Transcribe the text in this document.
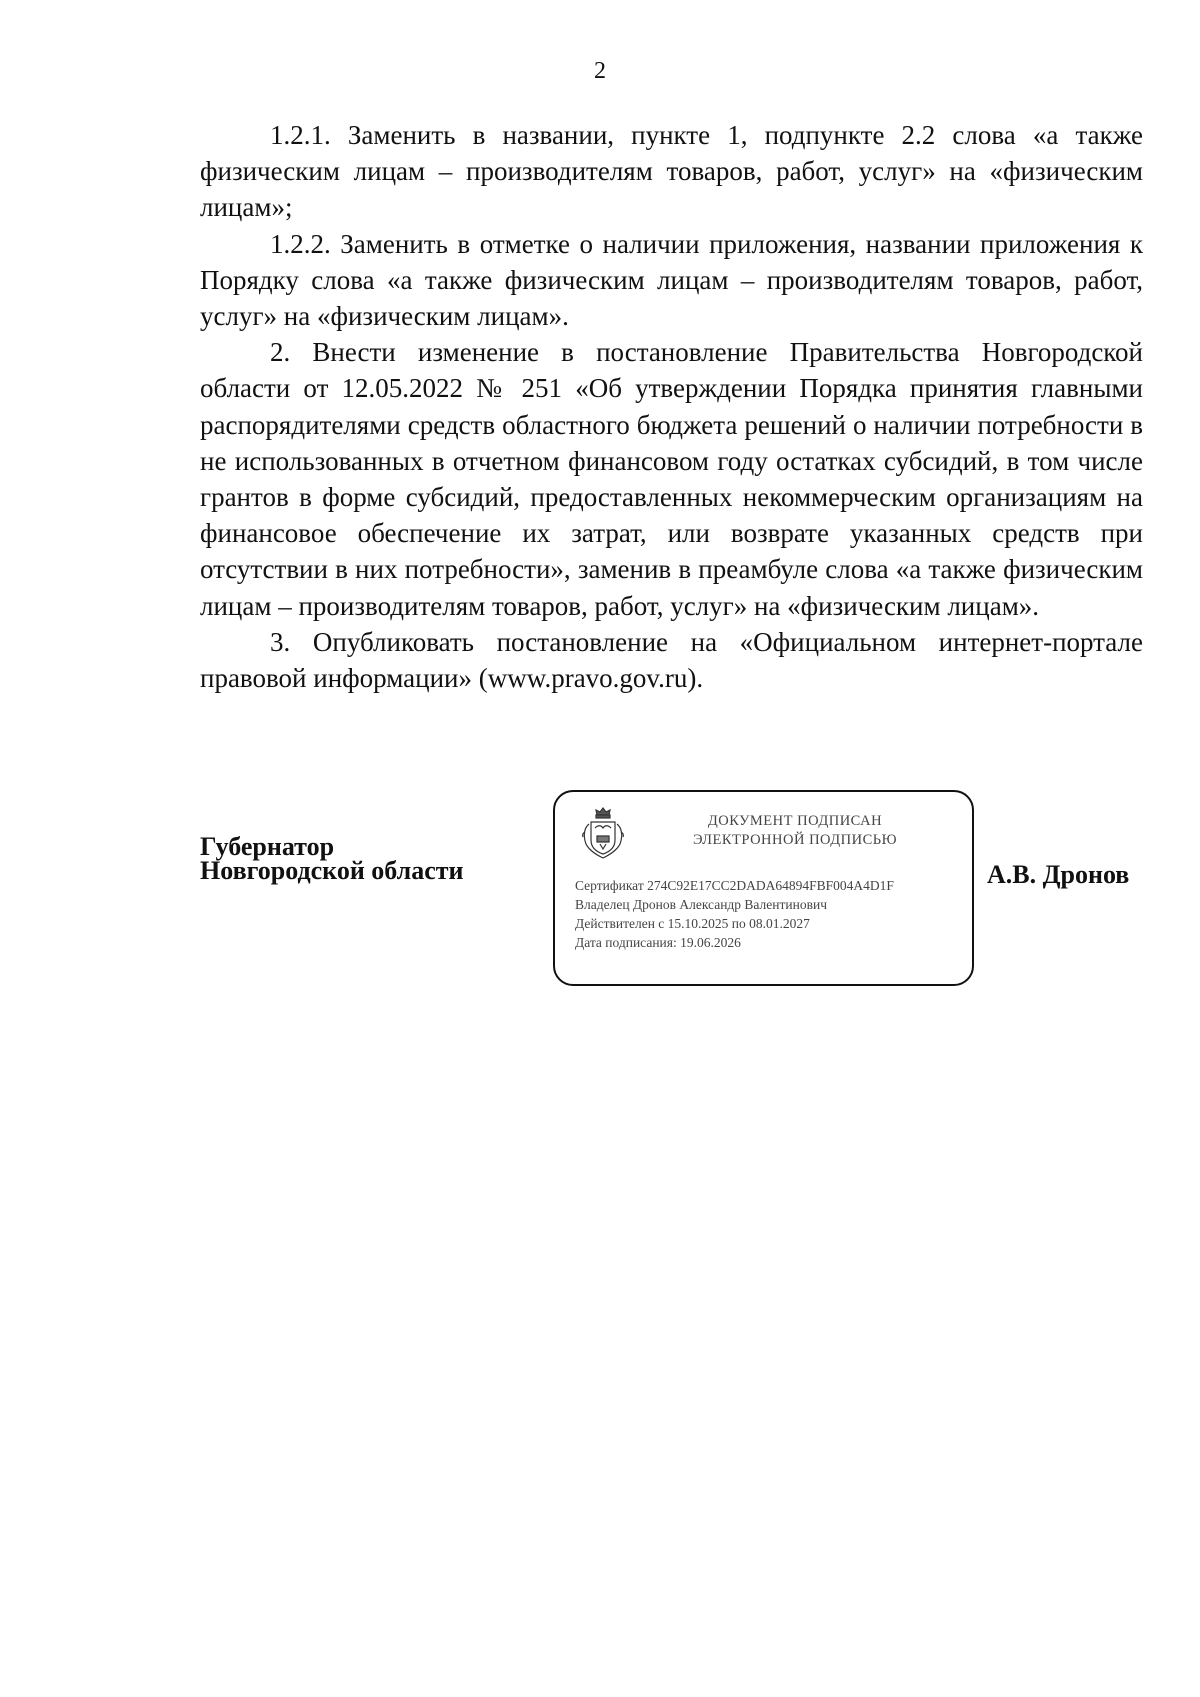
2

1.2.1. Заменить в названии, пункте 1, подпункте 2.2 слова «а также физическим лицам – производителям товаров, работ, услуг» на «физическим лицам»;

1.2.2. Заменить в отметке о наличии приложения, названии приложения к Порядку слова «а также физическим лицам – производителям товаров, работ, услуг» на «физическим лицам».

2. Внести изменение в постановление Правительства Новгородской области от 12.05.2022 № 251 «Об утверждении Порядка принятия главными распорядителями средств областного бюджета решений о наличии потребности в не использованных в отчетном финансовом году остатках субсидий, в том числе грантов в форме субсидий, предоставленных некоммерческим организациям на финансовое обеспечение их затрат, или возврате указанных средств при отсутствии в них потребности», заменив в преамбуле слова «а также физическим лицам – производителям товаров, работ, услуг» на «физическим лицам».

3. Опубликовать постановление на «Официальном интернет-портале правовой информации» (www.pravo.gov.ru).

Губернатор
Новгородской области
ДОКУМЕНТ ПОДПИСАН
ЭЛЕКТРОННОЙ ПОДПИСЬЮ
Сертификат 274C92E17CC2DADA64894FBF004A4D1F
Владелец Дронов Александр Валентинович
Действителен с 15.10.2025 по 08.01.2027
Дата подписания: 19.06.2026
А.В. Дронов
